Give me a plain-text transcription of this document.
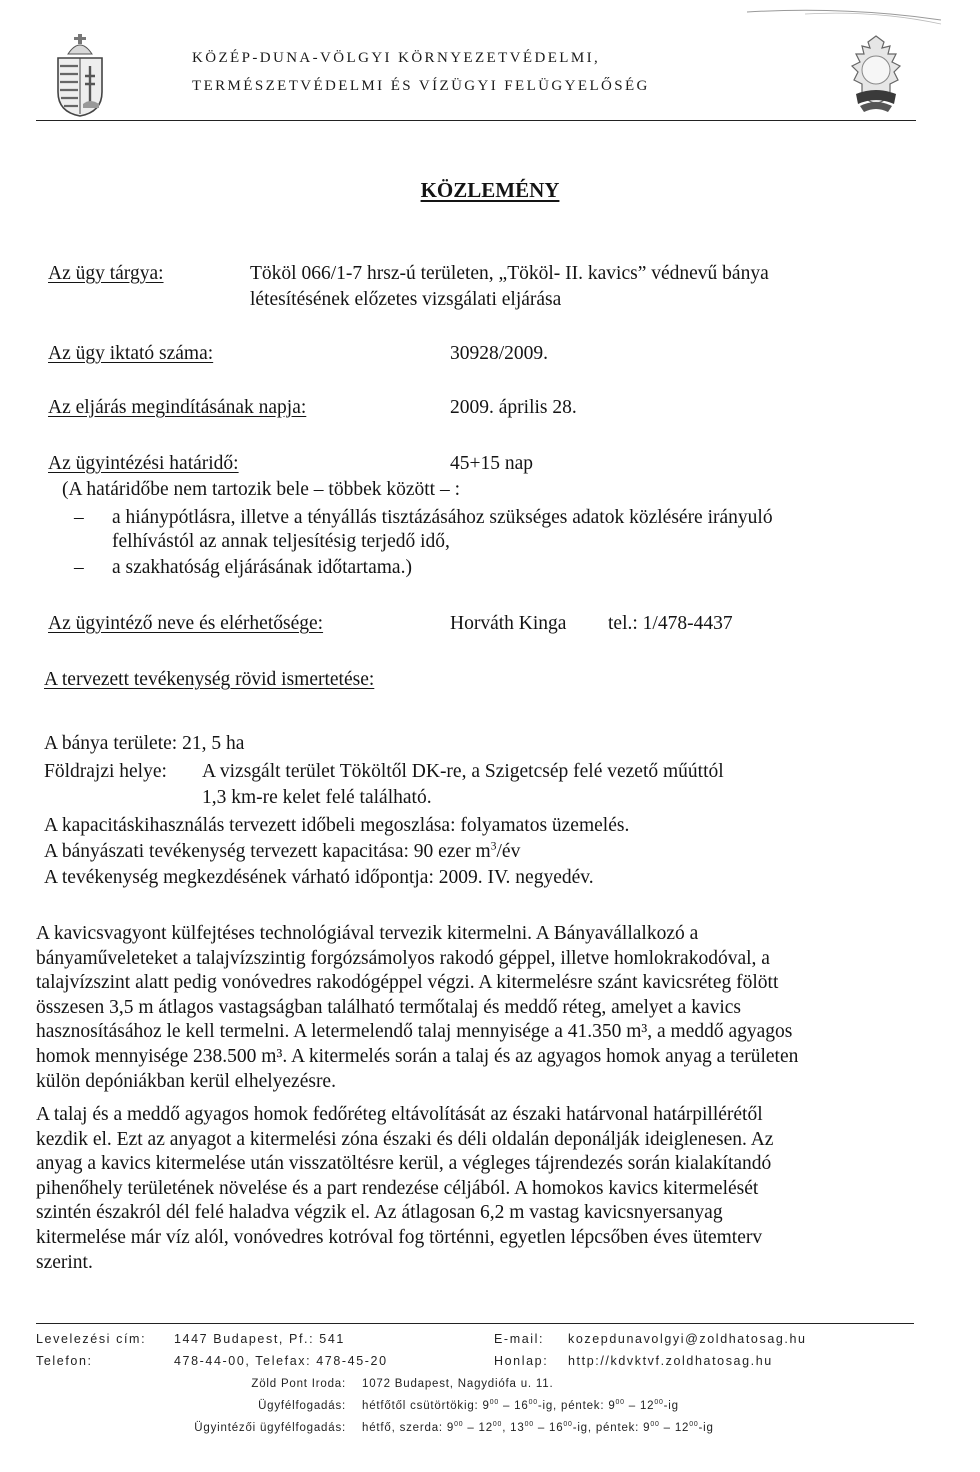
KÖZÉP-DUNA-VÖLGYI KÖRNYEZETVÉDELMI,
TERMÉSZETVÉDELMI ÉS VÍZÜGYI FELÜGYELŐSÉG
KÖZLEMÉNY
Az ügy tárgya:	Tököl 066/1-7 hrsz-ú területen, „Tököl- II. kavics” védnevű bánya
létesítésének előzetes vizsgálati eljárása
Az ügy iktató száma:	30928/2009.
Az eljárás megindításának napja:	2009. április 28.
Az ügyintézési határidő:	45+15 nap
(A határidőbe nem tartozik bele – többek között – :
– a hiánypótlásra, illetve a tényállás tisztázásához szükséges adatok közlésére irányuló
felhívástól az annak teljesítésig terjedő idő,
– a szakhatóság eljárásának időtartama.)
Az ügyintéző neve és elérhetősége:	Horváth Kinga tel.: 1/478-4437
A tervezett tevékenység rövid ismertetése:
A bánya területe: 21, 5 ha
Földrajzi helye: A vizsgált terület Tököltől DK-re, a Szigetcsép felé vezető műúttól
1,3 km-re kelet felé található.
A kapacitáskihasználás tervezett időbeli megoszlása: folyamatos üzemelés.
A bányászati tevékenység tervezett kapacitása: 90 ezer $m^3/év$
A tevékenység megkezdésének várható időpontja: 2009. IV. negyedév.
A kavicsvagyont külfejtéses technológiával tervezik kitermelni. A Bányavállalkozó a
bányaműveleteket a talajvízszintig forgózsámolyos rakodó géppel, illetve homlokrakodóval, a
talajvízszint alatt pedig vonóvedres rakodógéppel végzi. A kitermelésre szánt kavicsréteg fölött
összesen 3,5 m átlagos vastagságban található termőtalaj és meddő réteg, amelyet a kavics
hasznosításához le kell termelni. A letermelendő talaj mennyisége a 41.350 m³, a meddő agyagos
homok mennyisége 238.500 m³. A kitermelés során a talaj és az agyagos homok anyag a területen
külön depóniákban kerül elhelyezésre.
A talaj és a meddő agyagos homok fedőréteg eltávolítását az északi határvonal határpillérétől
kezdik el. Ezt az anyagot a kitermelési zóna északi és déli oldalán deponálják ideiglenesen. Az
anyag a kavics kitermelése után visszatöltésre kerül, a végleges tájrendezés során kialakítandó
pihenőhely területének növelése és a part rendezése céljából. A homokos kavics kitermelését
szintén északról dél felé haladva végzik el. Az átlagosan 6,2 m vastag kavicsnyersanyag
kitermelése már víz alól, vonóvedres kotróval fog történni, egyetlen lépcsőben éves ütemterv
szerint.
Levelezési cím: 1447 Budapest, Pf.: 541	E-mail: kozepdunavolgyi@zoldhatosag.hu
Telefon:	478-44-00, Telefax: 478-45-20	Honlap: http://kdvktvf.zoldhatosag.hu
Zöld Pont Iroda: 1072 Budapest, Nagydiófa u. 11.
Ügyfélfogadás: hétfőtől csütörtökig: $9^{00} - 16^{00}-ig$, péntek: $9^{00} - 12^{00}-ig$
Ügyintézői ügyfélfogadás: hétfő, szerda: $9^{00} - 12^{00}$, $13^{00} - 16^{00}-ig$, péntek: $9^{00} - 12^{00}-ig$
